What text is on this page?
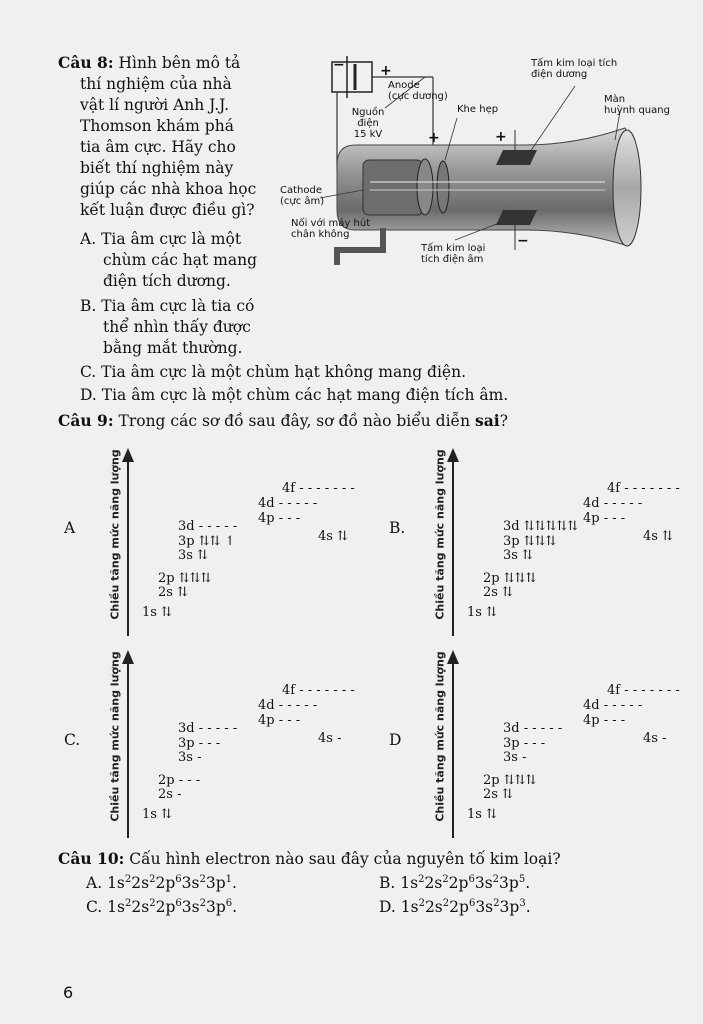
Câu 8: Hình bên mô tả
thí nghiệm của nhà
vật lí người Anh J.J.
Thomson khám phá
tia âm cực. Hãy cho
biết thí nghiệm này
giúp các nhà khoa học
kết luận được điều gì?
A. Tia âm cực là một
chùm các hạt mang
điện tích dương.
B. Tia âm cực là tia có
thể nhìn thấy được
bằng mắt thường.
C. Tia âm cực là một chùm hạt không mang điện.
D. Tia âm cực là một chùm các hạt mang điện tích âm.
−	+
Nguồn điện
15 kV
Anode
(cực dương)
Khe hẹp
Tấm kim loại tích
điện dương
Màn
huỳnh quang
Cathode
(cực âm)
Nối với máy hút
chân không
Tấm kim loại
tích điện âm
+	+
−
Câu 9: Trong các sơ đồ sau đây, sơ đồ nào biểu diễn sai?
Chiều tăng mức năng lượng
A
4f - - - - - - -
4d - - - - -
4p - - -
4s ⇅
3d - - - - -
3p ⇅⇅ ↿
3s ⇅
2p ⇅⇅⇅
2s ⇅
1s ⇅	Chiều tăng mức năng lượng
B.
4f - - - - - - -
4d - - - - -
4p - - -
4s ⇅
3d ⇅⇅⇅⇅⇅
3p ⇅⇅⇅
3s ⇅
2p ⇅⇅⇅
2s ⇅
1s ⇅
Chiều tăng mức năng lượng
C.
4f - - - - - - -
4d - - - - -
4p - - -
4s -
3d - - - - -
3p - - -
3s -
2p - - -
2s -
1s ⇅	Chiều tăng mức năng lượng
D
4f - - - - - - -
4d - - - - -
4p - - -
4s -
3d - - - - -
3p - - -
3s -
2p ⇅⇅⇅
2s ⇅
1s ⇅
Câu 10: Cấu hình electron nào sau đây của nguyên tố kim loại?
A. $1s^22s^22p^63s^23p^1$.	B. $1s^22s^22p^63s^23p^5$.
C. $1s^22s^22p^63s^23p^6$.	D. $1s^22s^22p^63s^23p^3$.
6
